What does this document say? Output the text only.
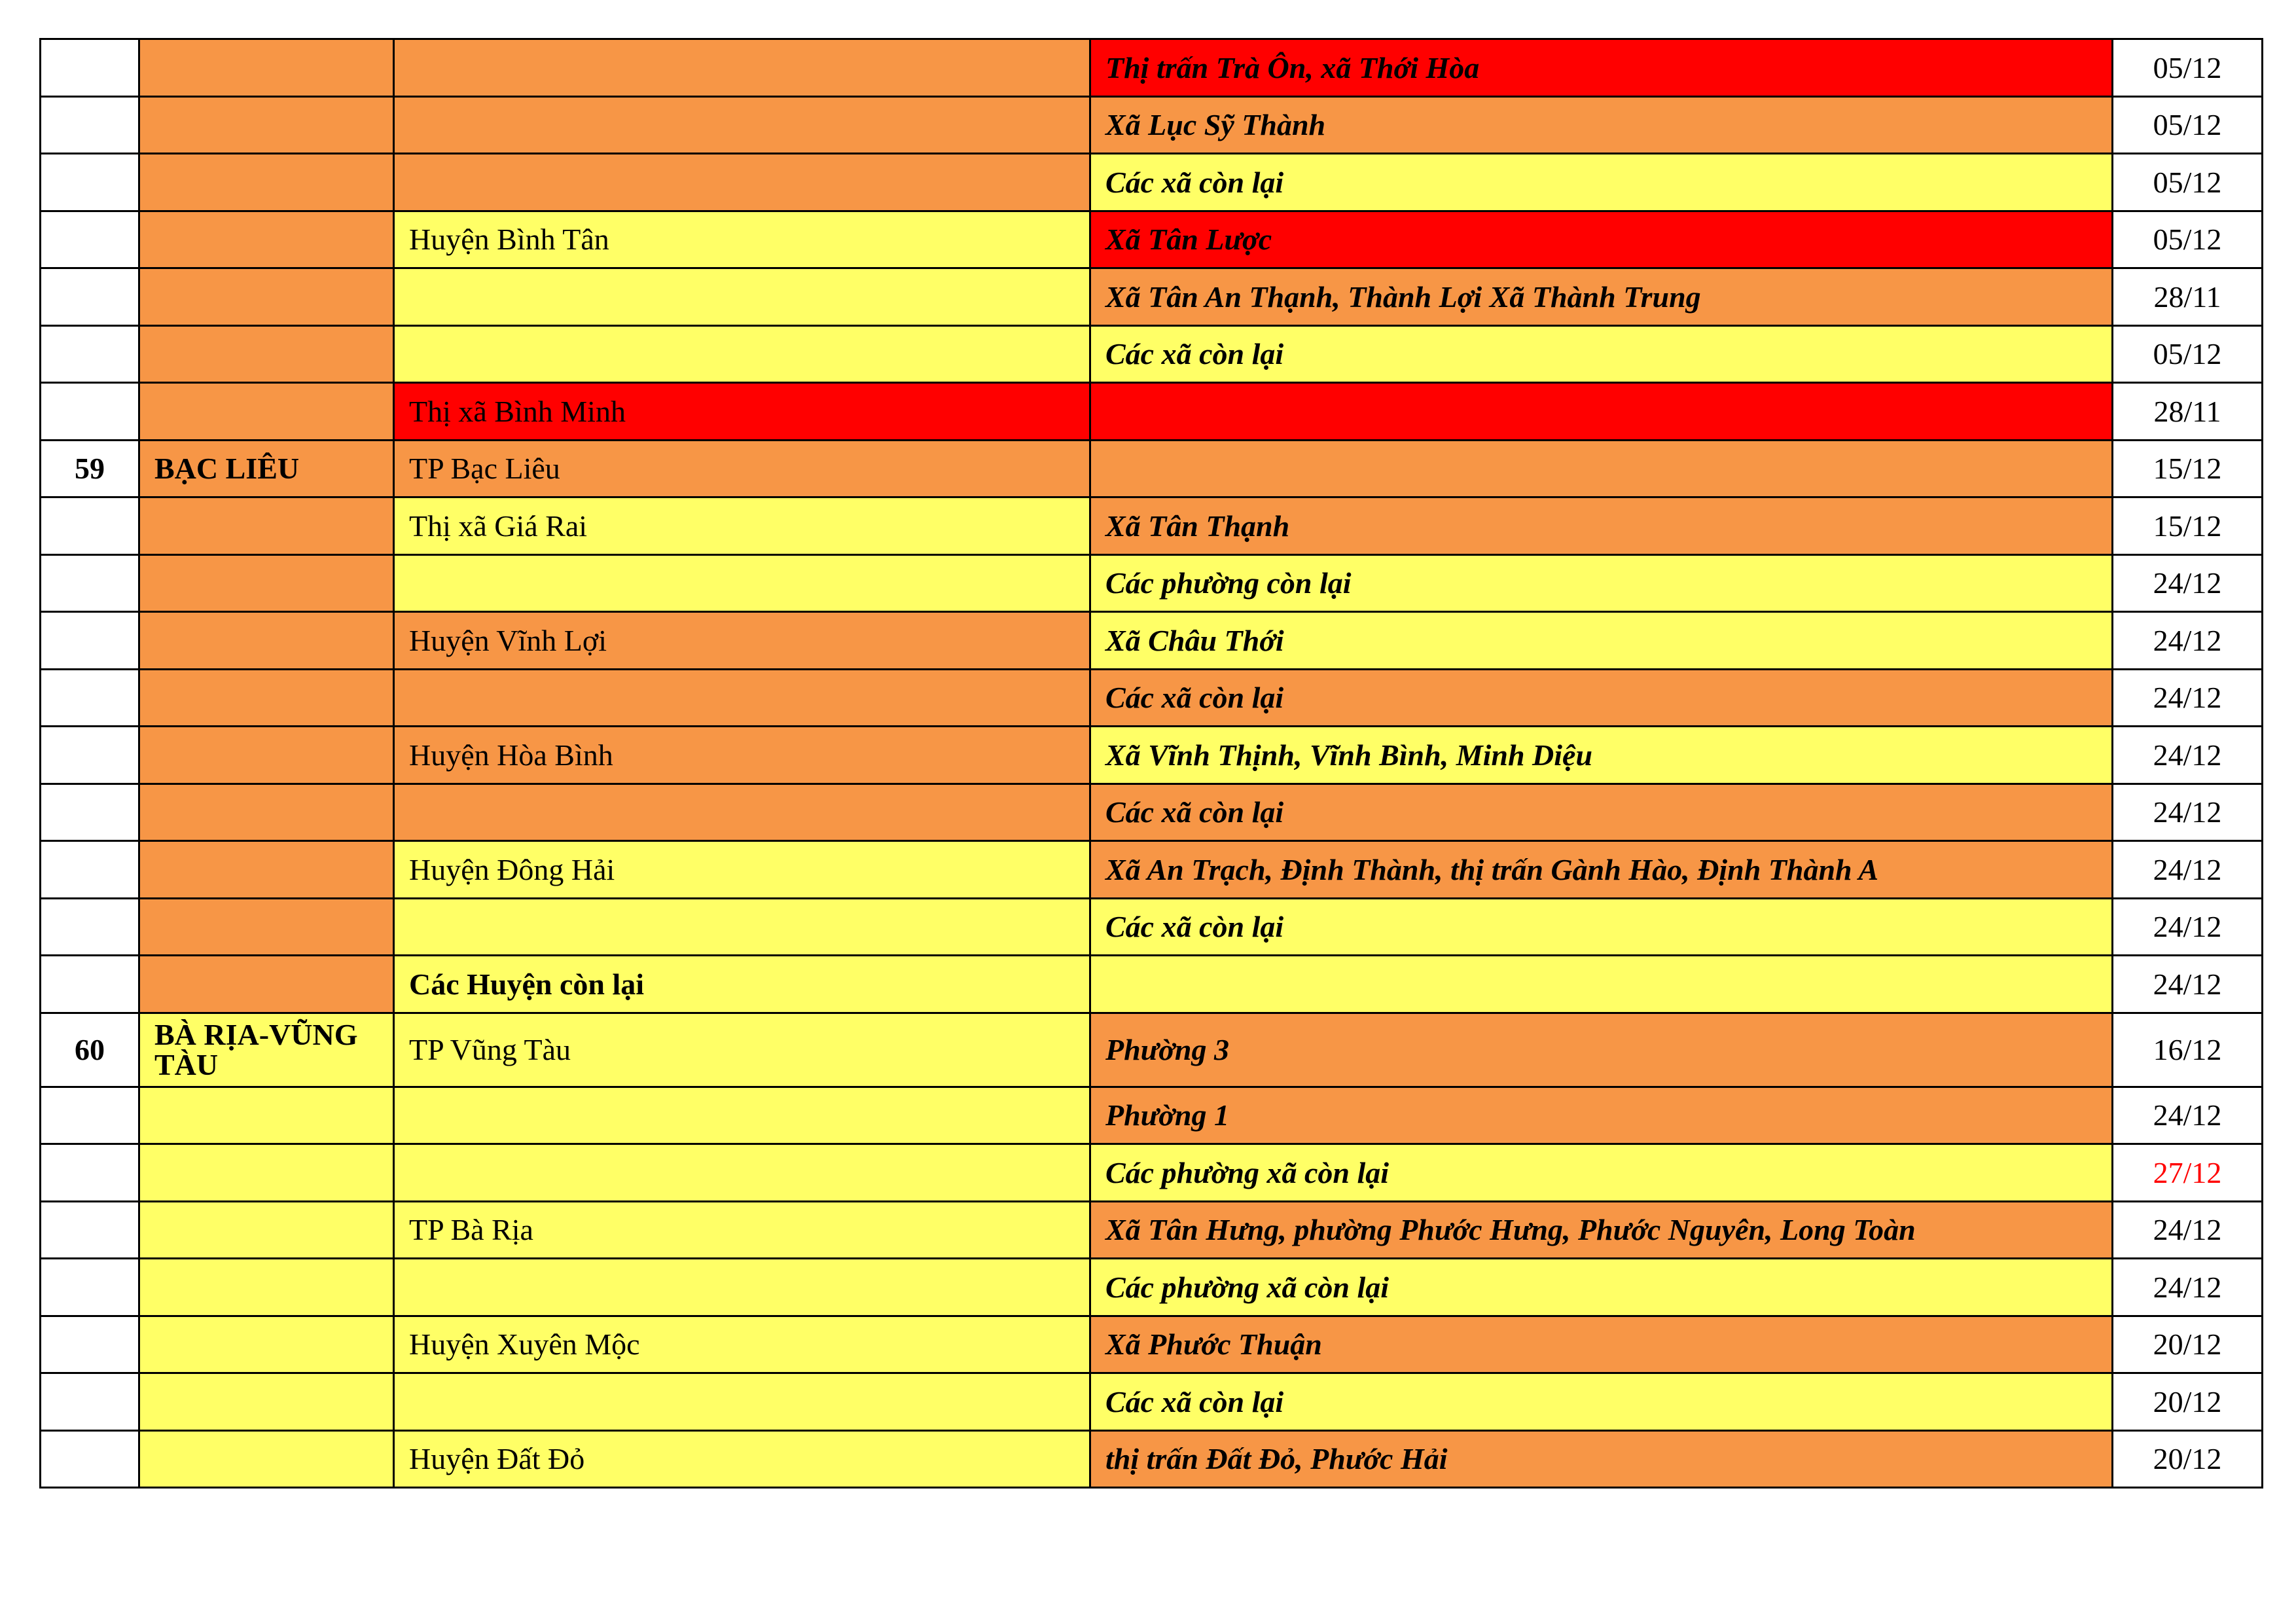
			Thị trấn Trà Ôn, xã Thới Hòa	05/12
			Xã Lục Sỹ Thành	05/12
			Các xã còn lại	05/12
		Huyện Bình Tân	Xã Tân Lược	05/12
			Xã Tân An Thạnh, Thành Lợi Xã Thành Trung	28/11
			Các xã còn lại	05/12
		Thị xã Bình Minh		28/11
59	BẠC LIÊU	TP Bạc Liêu		15/12
		Thị xã Giá Rai	Xã Tân Thạnh	15/12
			Các phường còn lại	24/12
		Huyện Vĩnh Lợi	Xã Châu Thới	24/12
			Các xã còn lại	24/12
		Huyện Hòa Bình	Xã Vĩnh Thịnh, Vĩnh Bình, Minh Diệu	24/12
			Các xã còn lại	24/12
		Huyện Đông Hải	Xã An Trạch, Định Thành, thị trấn Gành Hào, Định Thành A	24/12
			Các xã còn lại	24/12
		Các Huyện còn lại		24/12
60	BÀ RỊA-VŨNG TÀU	TP Vũng Tàu	Phường 3	16/12
			Phường 1	24/12
			Các phường xã còn lại	27/12
		TP Bà Rịa	Xã Tân Hưng, phường Phước Hưng, Phước Nguyên, Long Toàn	24/12
			Các phường xã còn lại	24/12
		Huyện Xuyên Mộc	Xã Phước Thuận	20/12
			Các xã còn lại	20/12
		Huyện Đất Đỏ	thị trấn Đất Đỏ, Phước Hải	20/12
